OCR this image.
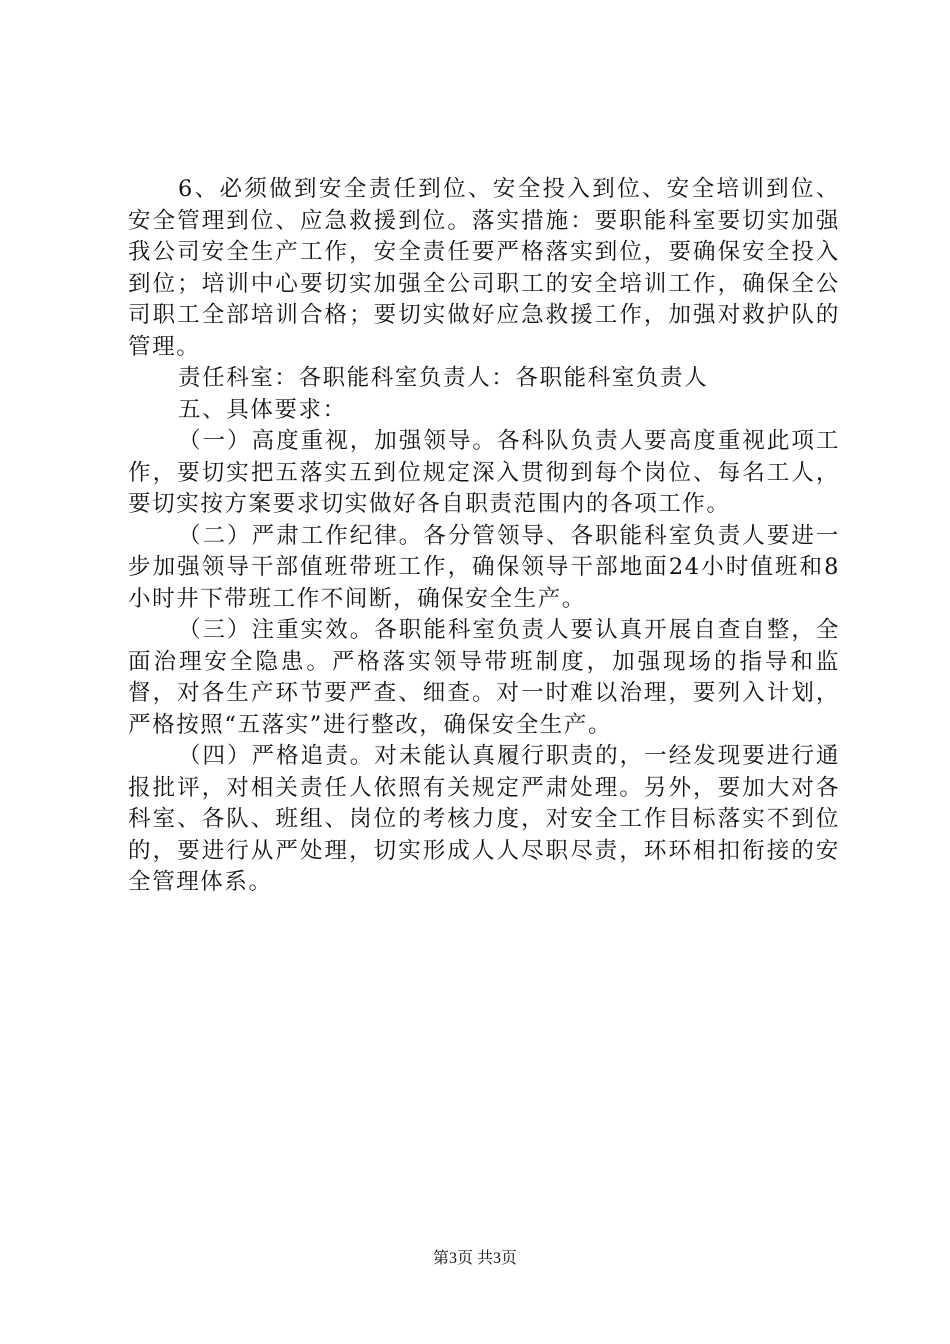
6、必须做到安全责任到位、安全投入到位、安全培训到位、安全管理到位、应急救援到位。落实措施：要职能科室要切实加强我公司安全生产工作，安全责任要严格落实到位，要确保安全投入到位；培训中心要切实加强全公司职工的安全培训工作，确保全公司职工全部培训合格；要切实做好应急救援工作，加强对救护队的管理。

责任科室：各职能科室负责人：各职能科室负责人

五、具体要求：

（一）高度重视，加强领导。各科队负责人要高度重视此项工作，要切实把五落实五到位规定深入贯彻到每个岗位、每名工人，要切实按方案要求切实做好各自职责范围内的各项工作。

（二）严肃工作纪律。各分管领导、各职能科室负责人要进一步加强领导干部值班带班工作，确保领导干部地面24小时值班和8小时井下带班工作不间断，确保安全生产。

（三）注重实效。各职能科室负责人要认真开展自查自整，全面治理安全隐患。严格落实领导带班制度，加强现场的指导和监督，对各生产环节要严查、细查。对一时难以治理，要列入计划，严格按照“五落实”进行整改，确保安全生产。

（四）严格追责。对未能认真履行职责的，一经发现要进行通报批评，对相关责任人依照有关规定严肃处理。另外，要加大对各科室、各队、班组、岗位的考核力度，对安全工作目标落实不到位的，要进行从严处理，切实形成人人尽职尽责，环环相扣衔接的安全管理体系。

第3页 共3页
